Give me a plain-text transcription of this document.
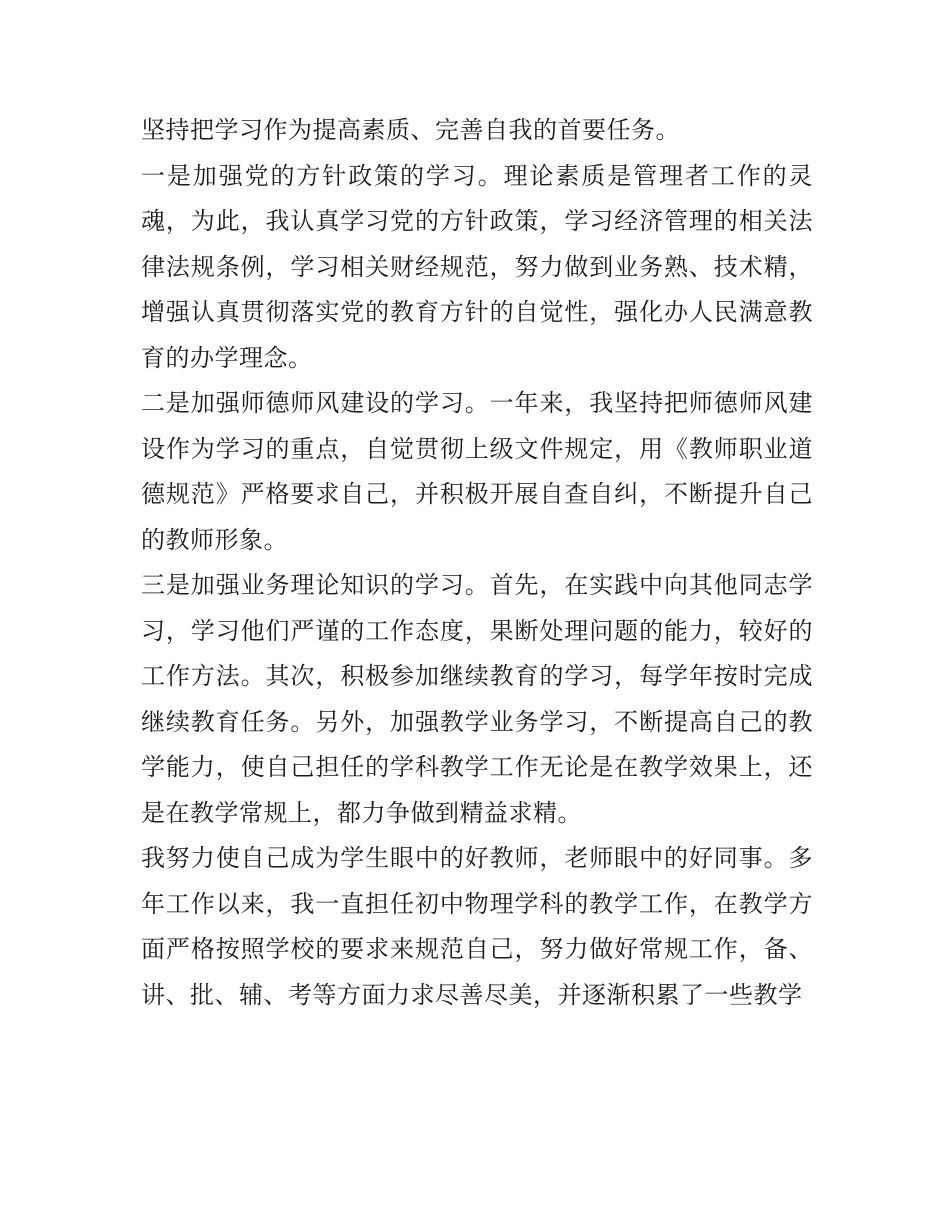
坚持把学习作为提高素质、完善自我的首要任务。

一是加强党的方针政策的学习。理论素质是管理者工作的灵魂，为此，我认真学习党的方针政策，学习经济管理的相关法律法规条例，学习相关财经规范，努力做到业务熟、技术精，增强认真贯彻落实党的教育方针的自觉性，强化办人民满意教育的办学理念。

二是加强师德师风建设的学习。一年来，我坚持把师德师风建设作为学习的重点，自觉贯彻上级文件规定，用《教师职业道德规范》严格要求自己，并积极开展自查自纠，不断提升自己的教师形象。

三是加强业务理论知识的学习。首先，在实践中向其他同志学习，学习他们严谨的工作态度，果断处理问题的能力，较好的工作方法。其次，积极参加继续教育的学习，每学年按时完成继续教育任务。另外，加强教学业务学习，不断提高自己的教学能力，使自己担任的学科教学工作无论是在教学效果上，还是在教学常规上，都力争做到精益求精。

我努力使自己成为学生眼中的好教师，老师眼中的好同事。多年工作以来，我一直担任初中物理学科的教学工作，在教学方面严格按照学校的要求来规范自己，努力做好常规工作，备、讲、批、辅、考等方面力求尽善尽美，并逐渐积累了一些教学
